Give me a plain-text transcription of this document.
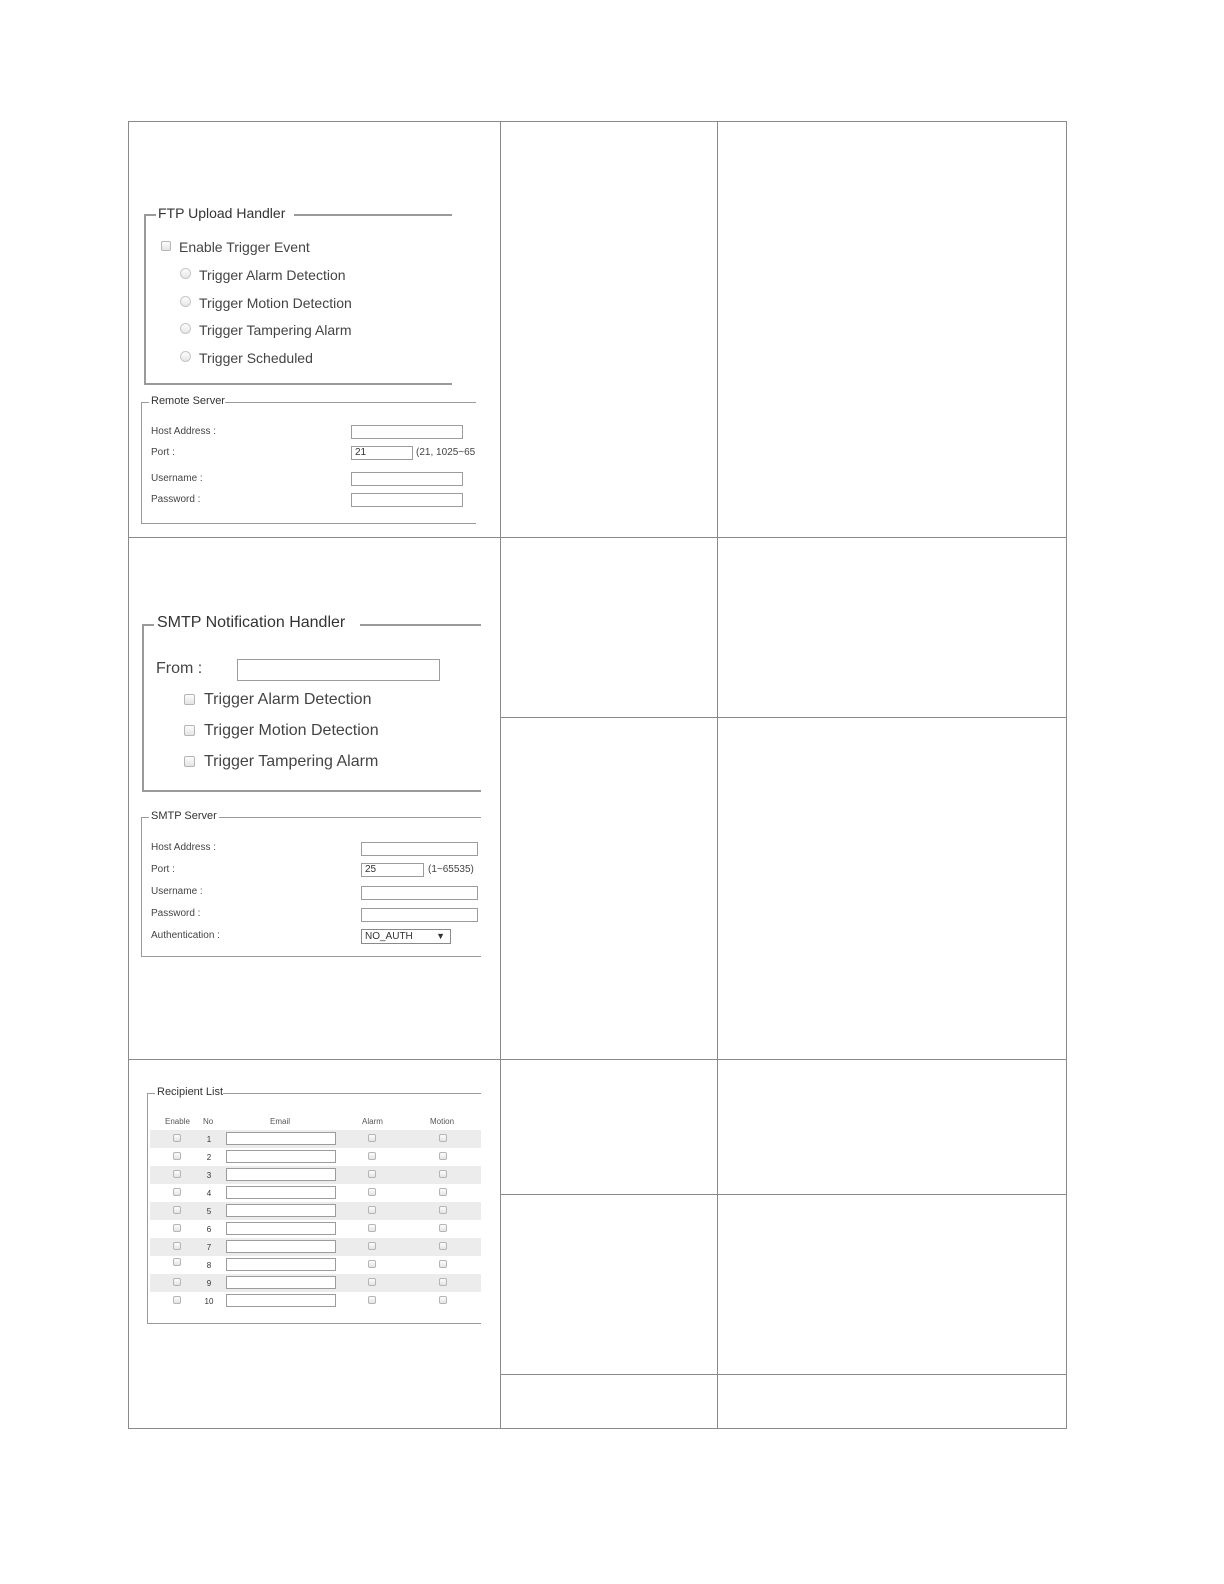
FTP Upload Handler
Enable Trigger Event
Trigger Alarm Detection
Trigger Motion Detection
Trigger Tampering Alarm
Trigger Scheduled
Remote Server
Host Address :
Port :	21	(21, 1025~65
Username :
Password :
SMTP Notification Handler
From :
Trigger Alarm Detection
Trigger Motion Detection
Trigger Tampering Alarm
SMTP Server
Host Address :
Port :	25	(1~65535)
Username :
Password :
Authentication :	NO_AUTH	▼
Recipient List
Enable No	Email	Alarm	Motion
1
2
3
4
5
6
7
8
9
10
